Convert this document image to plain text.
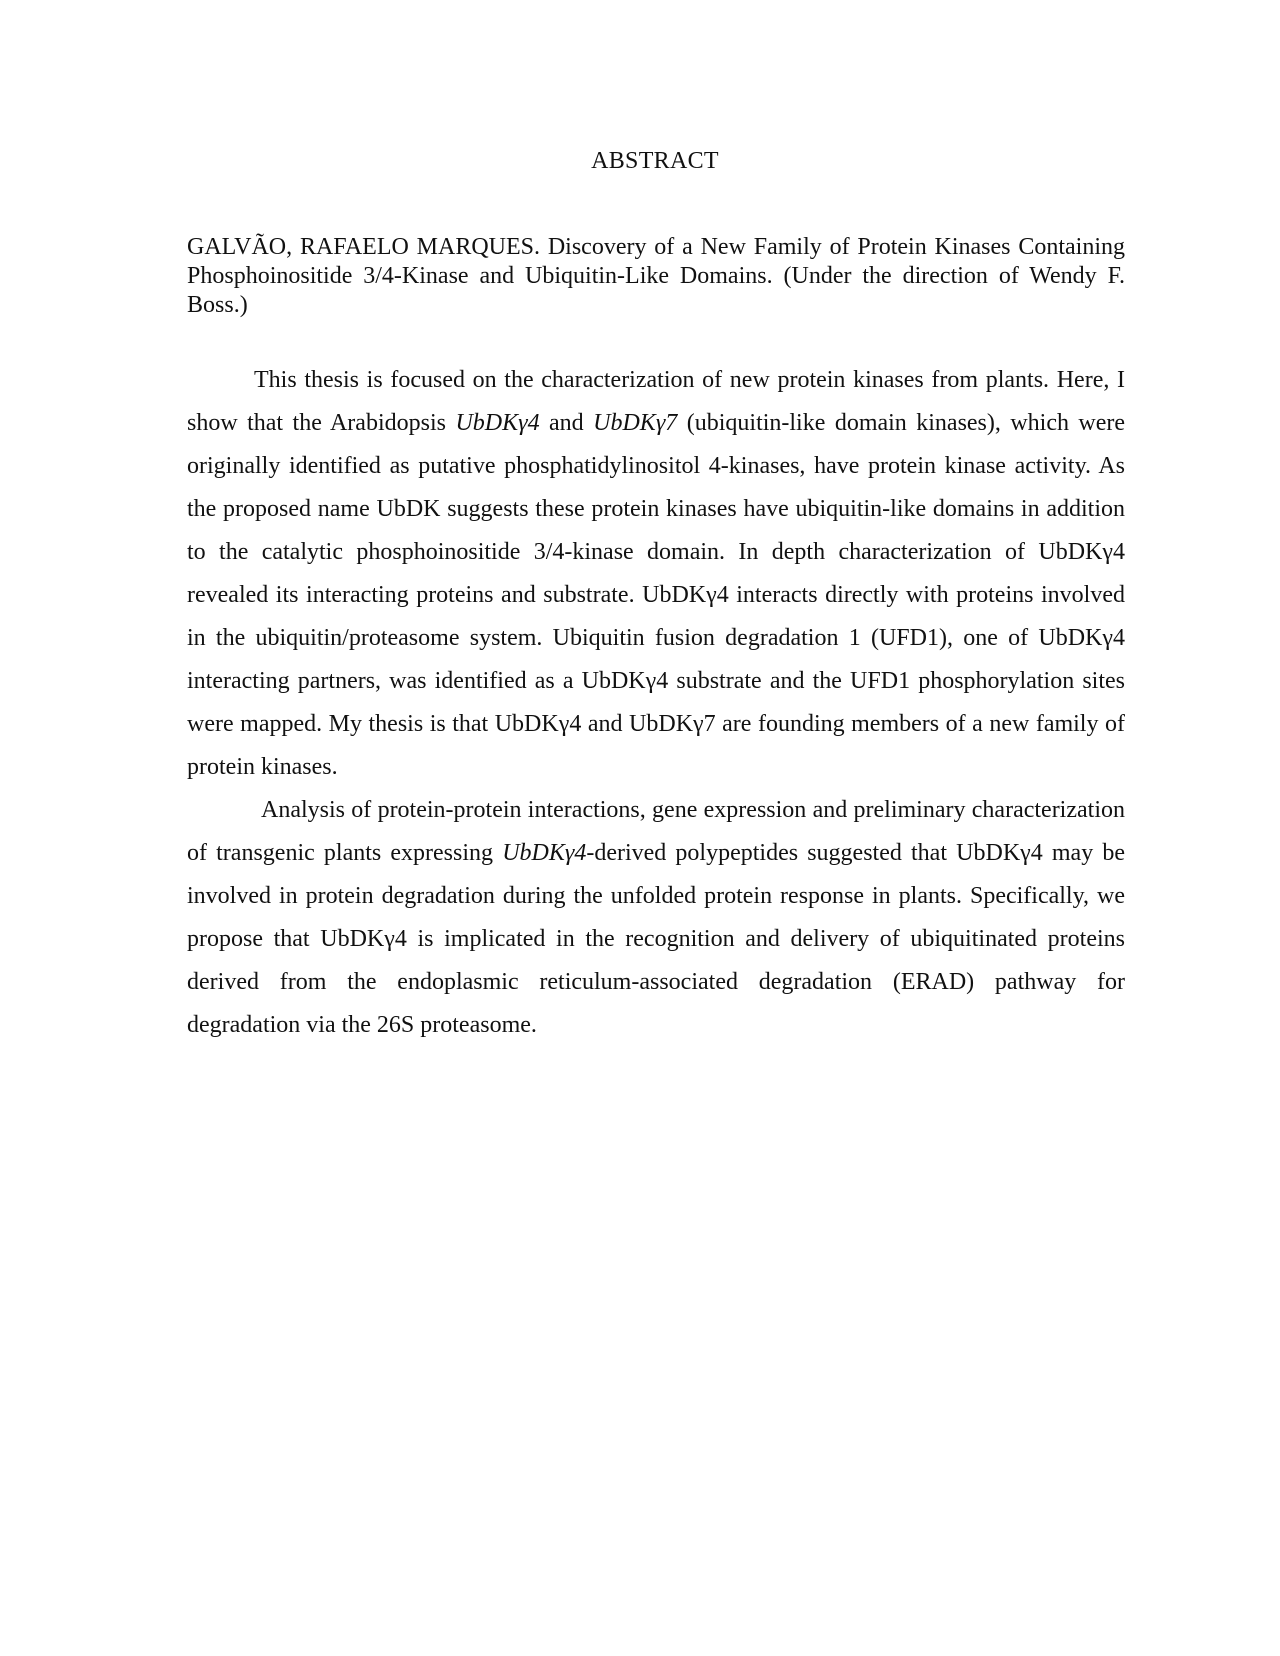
ABSTRACT

GALVÃO, RAFAELO MARQUES. Discovery of a New Family of Protein Kinases Containing Phosphoinositide 3/4-Kinase and Ubiquitin-Like Domains. (Under the direction of Wendy F. Boss.)

This thesis is focused on the characterization of new protein kinases from plants. Here, I show that the Arabidopsis UbDKγ4 and UbDKγ7 (ubiquitin-like domain kinases), which were originally identified as putative phosphatidylinositol 4-kinases, have protein kinase activity. As the proposed name UbDK suggests these protein kinases have ubiquitin-like domains in addition to the catalytic phosphoinositide 3/4-kinase domain. In depth characterization of UbDKγ4 revealed its interacting proteins and substrate. UbDKγ4 interacts directly with proteins involved in the ubiquitin/proteasome system. Ubiquitin fusion degradation 1 (UFD1), one of UbDKγ4 interacting partners, was identified as a UbDKγ4 substrate and the UFD1 phosphorylation sites were mapped. My thesis is that UbDKγ4 and UbDKγ7 are founding members of a new family of protein kinases.

Analysis of protein-protein interactions, gene expression and preliminary characterization of transgenic plants expressing UbDKγ4-derived polypeptides suggested that UbDKγ4 may be involved in protein degradation during the unfolded protein response in plants. Specifically, we propose that UbDKγ4 is implicated in the recognition and delivery of ubiquitinated proteins derived from the endoplasmic reticulum-associated degradation (ERAD) pathway for degradation via the 26S proteasome.
